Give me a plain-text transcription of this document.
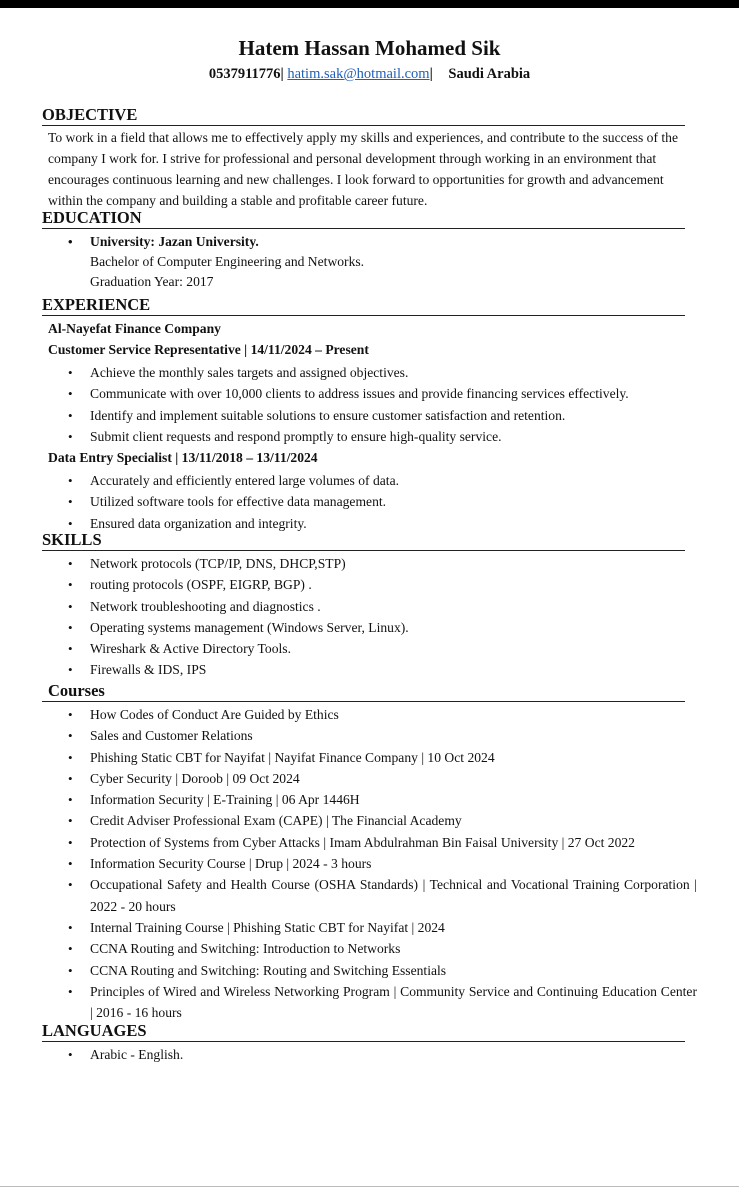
Hatem Hassan Mohamed Sik
0537911776| hatim.sak@hotmail.com| Saudi Arabia
OBJECTIVE
To work in a field that allows me to effectively apply my skills and experiences, and contribute to the success of the company I work for. I strive for professional and personal development through working in an environment that encourages continuous learning and new challenges. I look forward to opportunities for growth and advancement within the company and building a stable and profitable career future.
EDUCATION
• University: Jazan University.
Bachelor of Computer Engineering and Networks.
Graduation Year: 2017
EXPERIENCE
Al-Nayefat Finance Company
Customer Service Representative | 14/11/2024 – Present
• Achieve the monthly sales targets and assigned objectives.
• Communicate with over 10,000 clients to address issues and provide financing services effectively.
• Identify and implement suitable solutions to ensure customer satisfaction and retention.
• Submit client requests and respond promptly to ensure high-quality service.
Data Entry Specialist | 13/11/2018 – 13/11/2024
• Accurately and efficiently entered large volumes of data.
• Utilized software tools for effective data management.
• Ensured data organization and integrity.
SKILLS
• Network protocols (TCP/IP, DNS, DHCP,STP)
• routing protocols (OSPF, EIGRP, BGP) .
• Network troubleshooting and diagnostics .
• Operating systems management (Windows Server, Linux).
• Wireshark & Active Directory Tools.
• Firewalls & IDS, IPS
Courses
• How Codes of Conduct Are Guided by Ethics
• Sales and Customer Relations
• Phishing Static CBT for Nayifat | Nayifat Finance Company | 10 Oct 2024
• Cyber Security | Doroob | 09 Oct 2024
• Information Security | E-Training | 06 Apr 1446H
• Credit Adviser Professional Exam (CAPE) | The Financial Academy
• Protection of Systems from Cyber Attacks | Imam Abdulrahman Bin Faisal University | 27 Oct 2022
• Information Security Course | Drup | 2024 - 3 hours
• Occupational Safety and Health Course (OSHA Standards) | Technical and Vocational Training Corporation | 2022 - 20 hours
• Internal Training Course | Phishing Static CBT for Nayifat | 2024
• CCNA Routing and Switching: Introduction to Networks
• CCNA Routing and Switching: Routing and Switching Essentials
• Principles of Wired and Wireless Networking Program | Community Service and Continuing Education Center | 2016 - 16 hours
LANGUAGES
• Arabic - English.
